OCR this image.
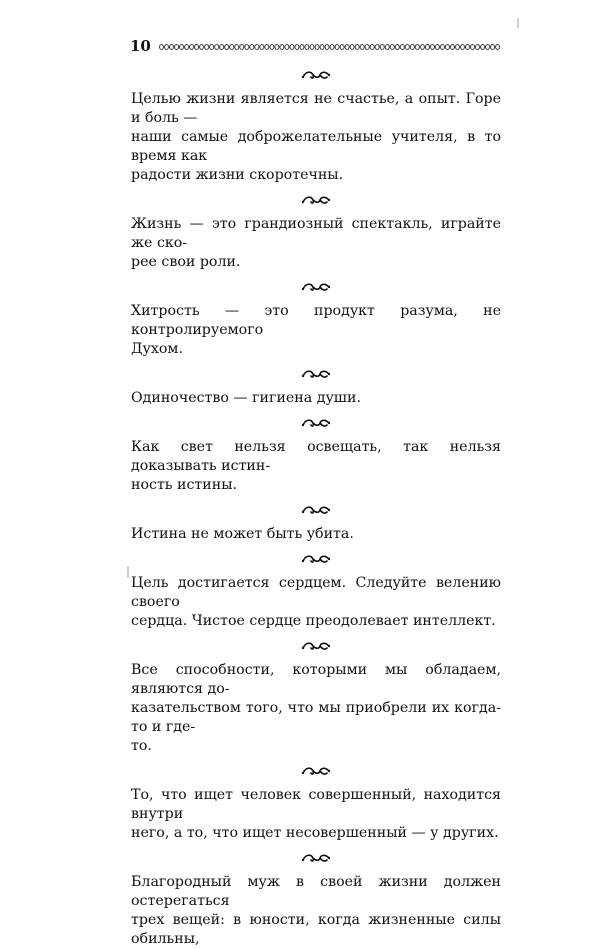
10

Целью жизни является не счастье, а опыт. Горе и боль —
наши самые доброжелательные учителя, в то время как
радости жизни скоротечны.

Жизнь — это грандиозный спектакль, играйте же ско-
рее свои роли.

Хитрость — это продукт разума, не контролируемого
Духом.

Одиночество — гигиена души.

Как свет нельзя освещать, так нельзя доказывать истин-
ность истины.

Истина не может быть убита.

Цель достигается сердцем. Следуйте велению своего
сердца. Чистое сердце преодолевает интеллект.

Все способности, которыми мы обладаем, являются до-
казательством того, что мы приобрели их когда-то и где-
то.

То, что ищет человек совершенный, находится внутри
него, а то, что ищет несовершенный — у других.

Благородный муж в своей жизни должен остерегаться
трех вещей: в юности, когда жизненные силы обильны,
